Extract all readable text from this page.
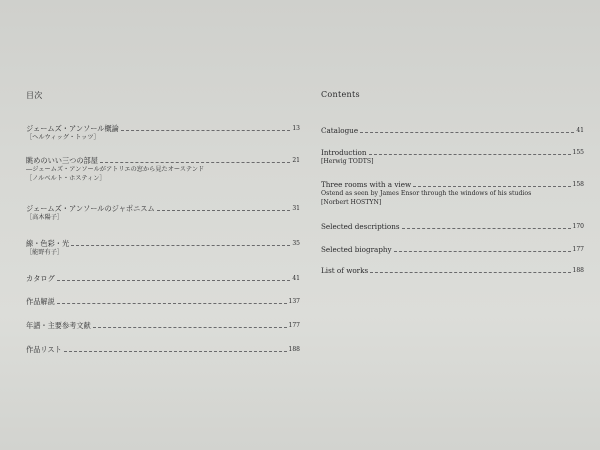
目次	Contents
ジェームズ・アンソール概論	13
［ヘルウィッグ・トッツ］
眺めのいい三つの部屋	21
―ジェームズ・アンソールがアトリエの窓から見たオーステンド
［ノルベルト・ホスティン］
ジェームズ・アンソールのジャポニスム	31
［高木陽子］
線・色彩・光	35
［能野有子］
カタログ	41
作品解説	137
年譜・主要参考文献	177
作品リスト	188
Catalogue	41
Introduction	155
[Herwig TODTS]
Three rooms with a view	158
Ostend as seen by James Ensor through the windows of his studios
[Norbert HOSTYN]
Selected descriptions	170
Selected biography	177
List of works	188
